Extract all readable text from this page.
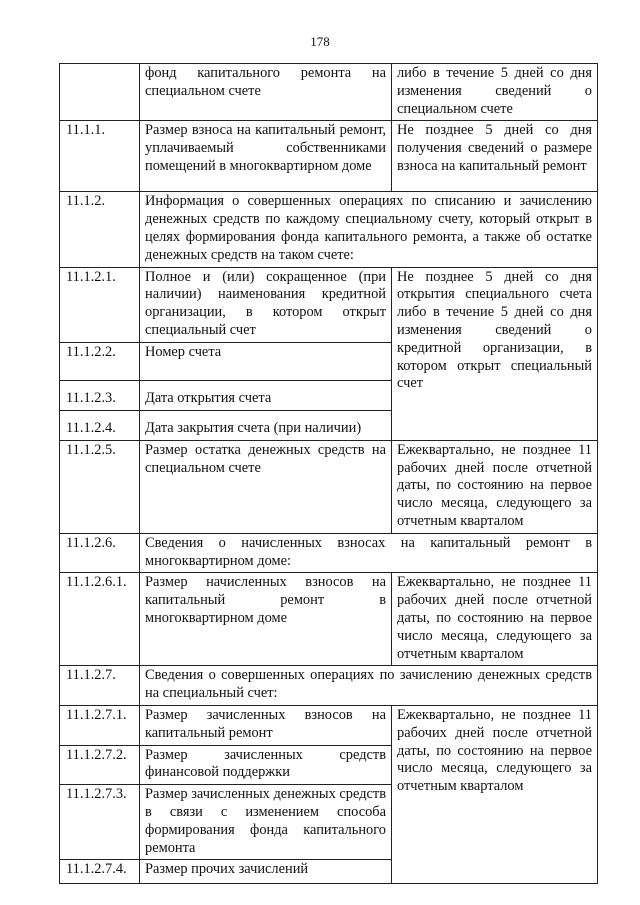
178
	фонд капитального ремонта на специальном счете	либо в течение 5 дней со дня изменения сведений о специальном счете
11.1.1.	Размер взноса на капитальный ремонт, уплачиваемый собственниками помещений в многоквартирном доме	Не позднее 5 дней со дня получения сведений о размере взноса на капитальный ремонт
11.1.2.	Информация о совершенных операциях по списанию и зачислению денежных средств по каждому специальному счету, который открыт в целях формирования фонда капитального ремонта, а также об остатке денежных средств на таком счете:	
11.1.2.1.	Полное и (или) сокращенное (при наличии) наименования кредитной организации, в котором открыт специальный счет	Не позднее 5 дней со дня открытия специального счета либо в течение 5 дней со дня изменения сведений о кредитной организации, в котором открыт специальный счет
11.1.2.2.	Номер счета	
11.1.2.3.	Дата открытия счета	
11.1.2.4.	Дата закрытия счета (при наличии)	
11.1.2.5.	Размер остатка денежных средств на специальном счете	Ежеквартально, не позднее 11 рабочих дней после отчетной даты, по состоянию на первое число месяца, следующего за отчетным кварталом
11.1.2.6.	Сведения о начисленных взносах на капитальный ремонт в многоквартирном доме:	
11.1.2.6.1.	Размер начисленных взносов на капитальный ремонт в многоквартирном доме	Ежеквартально, не позднее 11 рабочих дней после отчетной даты, по состоянию на первое число месяца, следующего за отчетным кварталом
11.1.2.7.	Сведения о совершенных операциях по зачислению денежных средств на специальный счет:	
11.1.2.7.1.	Размер зачисленных взносов на капитальный ремонт	Ежеквартально, не позднее 11 рабочих дней после отчетной даты, по состоянию на первое число месяца, следующего за отчетным кварталом
11.1.2.7.2.	Размер зачисленных средств финансовой поддержки	
11.1.2.7.3.	Размер зачисленных денежных средств в связи с изменением способа формирования фонда капитального ремонта	
11.1.2.7.4.	Размер прочих зачислений	
